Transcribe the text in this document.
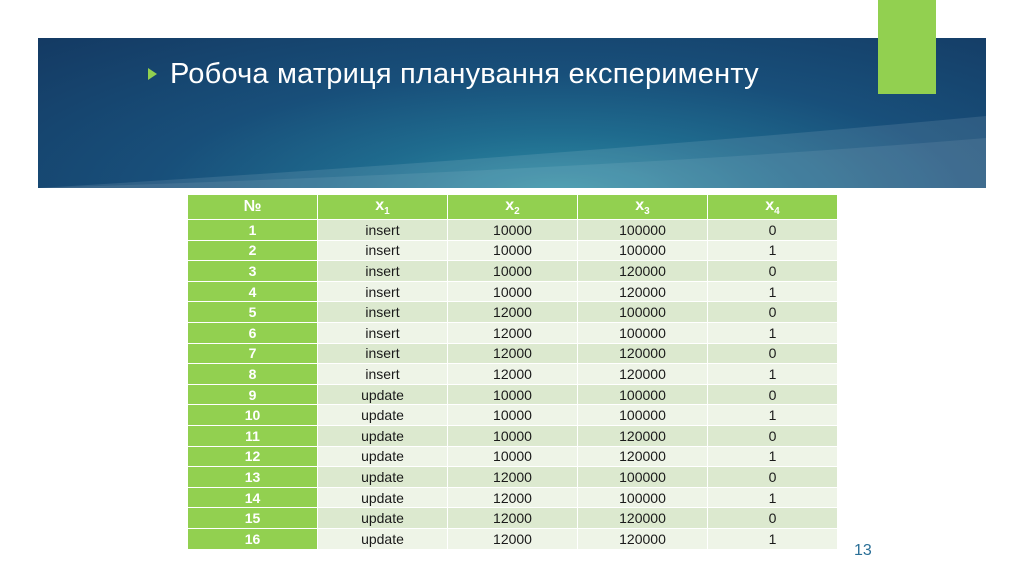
Робоча матриця планування експерименту
№	$x_1$	$x_2$	$x_3$	$x_4$
1	insert	10000	100000	0
2	insert	10000	100000	1
3	insert	10000	120000	0
4	insert	10000	120000	1
5	insert	12000	100000	0
6	insert	12000	100000	1
7	insert	12000	120000	0
8	insert	12000	120000	1
9	update	10000	100000	0
10	update	10000	100000	1
11	update	10000	120000	0
12	update	10000	120000	1
13	update	12000	100000	0
14	update	12000	100000	1
15	update	12000	120000	0
16	update	12000	120000	1
13
